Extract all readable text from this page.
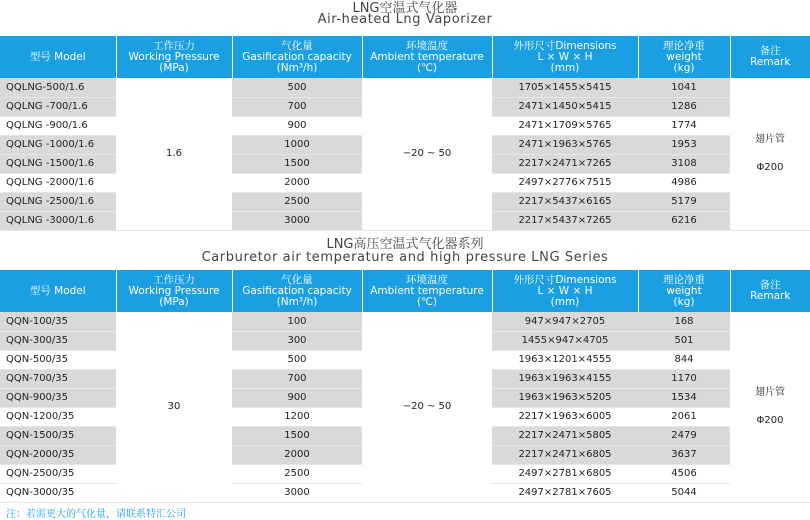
LNG空温式气化器
Air-heated Lng Vaporizer
型号 Model	工作压力
Working Pressure
(MPa)	气化量
Gasification capacity
(Nm³/h)	环境温度
Ambient temperature
(℃)	外形尺寸Dimensions
L × W × H
(mm)	理论净重
weight
(kg)	备注
Remark
QQLNG-500/1.6	1.6	500	−20 ~ 50	1705×1455×5415	1041	翅片管
Φ200
QQLNG -700/1.6		700		2471×1450×5415	1286	
QQLNG -900/1.6		900		2471×1709×5765	1774	
QQLNG -1000/1.6		1000		2471×1963×5765	1953	
QQLNG -1500/1.6		1500		2217×2471×7265	3108	
QQLNG -2000/1.6		2000		2497×2776×7515	4986	
QQLNG -2500/1.6		2500		2217×5437×6165	5179	
QQLNG -3000/1.6		3000		2217×5437×7265	6216	
LNG高压空温式气化器系列
Carburetor air temperature and high pressure LNG Series
型号 Model	工作压力
Working Pressure
(MPa)	气化量
Gasification capacity
(Nm³/h)	环境温度
Ambient temperature
(℃)	外形尺寸Dimensions
L × W × H
(mm)	理论净重
weight
(kg)	备注
Remark
QQN-100/35	30	100	−20 ~ 50	947×947×2705	168	翅片管
Φ200
QQN-300/35		300		1455×947×4705	501	
QQN-500/35		500		1963×1201×4555	844	
QQN-700/35		700		1963×1963×4155	1170	
QQN-900/35		900		1963×1963×5205	1534	
QQN-1200/35		1200		2217×1963×6005	2061	
QQN-1500/35		1500		2217×2471×5805	2479	
QQN-2000/35		2000		2217×2471×6805	3637	
QQN-2500/35		2500		2497×2781×6805	4506	
QQN-3000/35		3000		2497×2781×7605	5044	
注：若需更大的气化量，请联系特汇公司
